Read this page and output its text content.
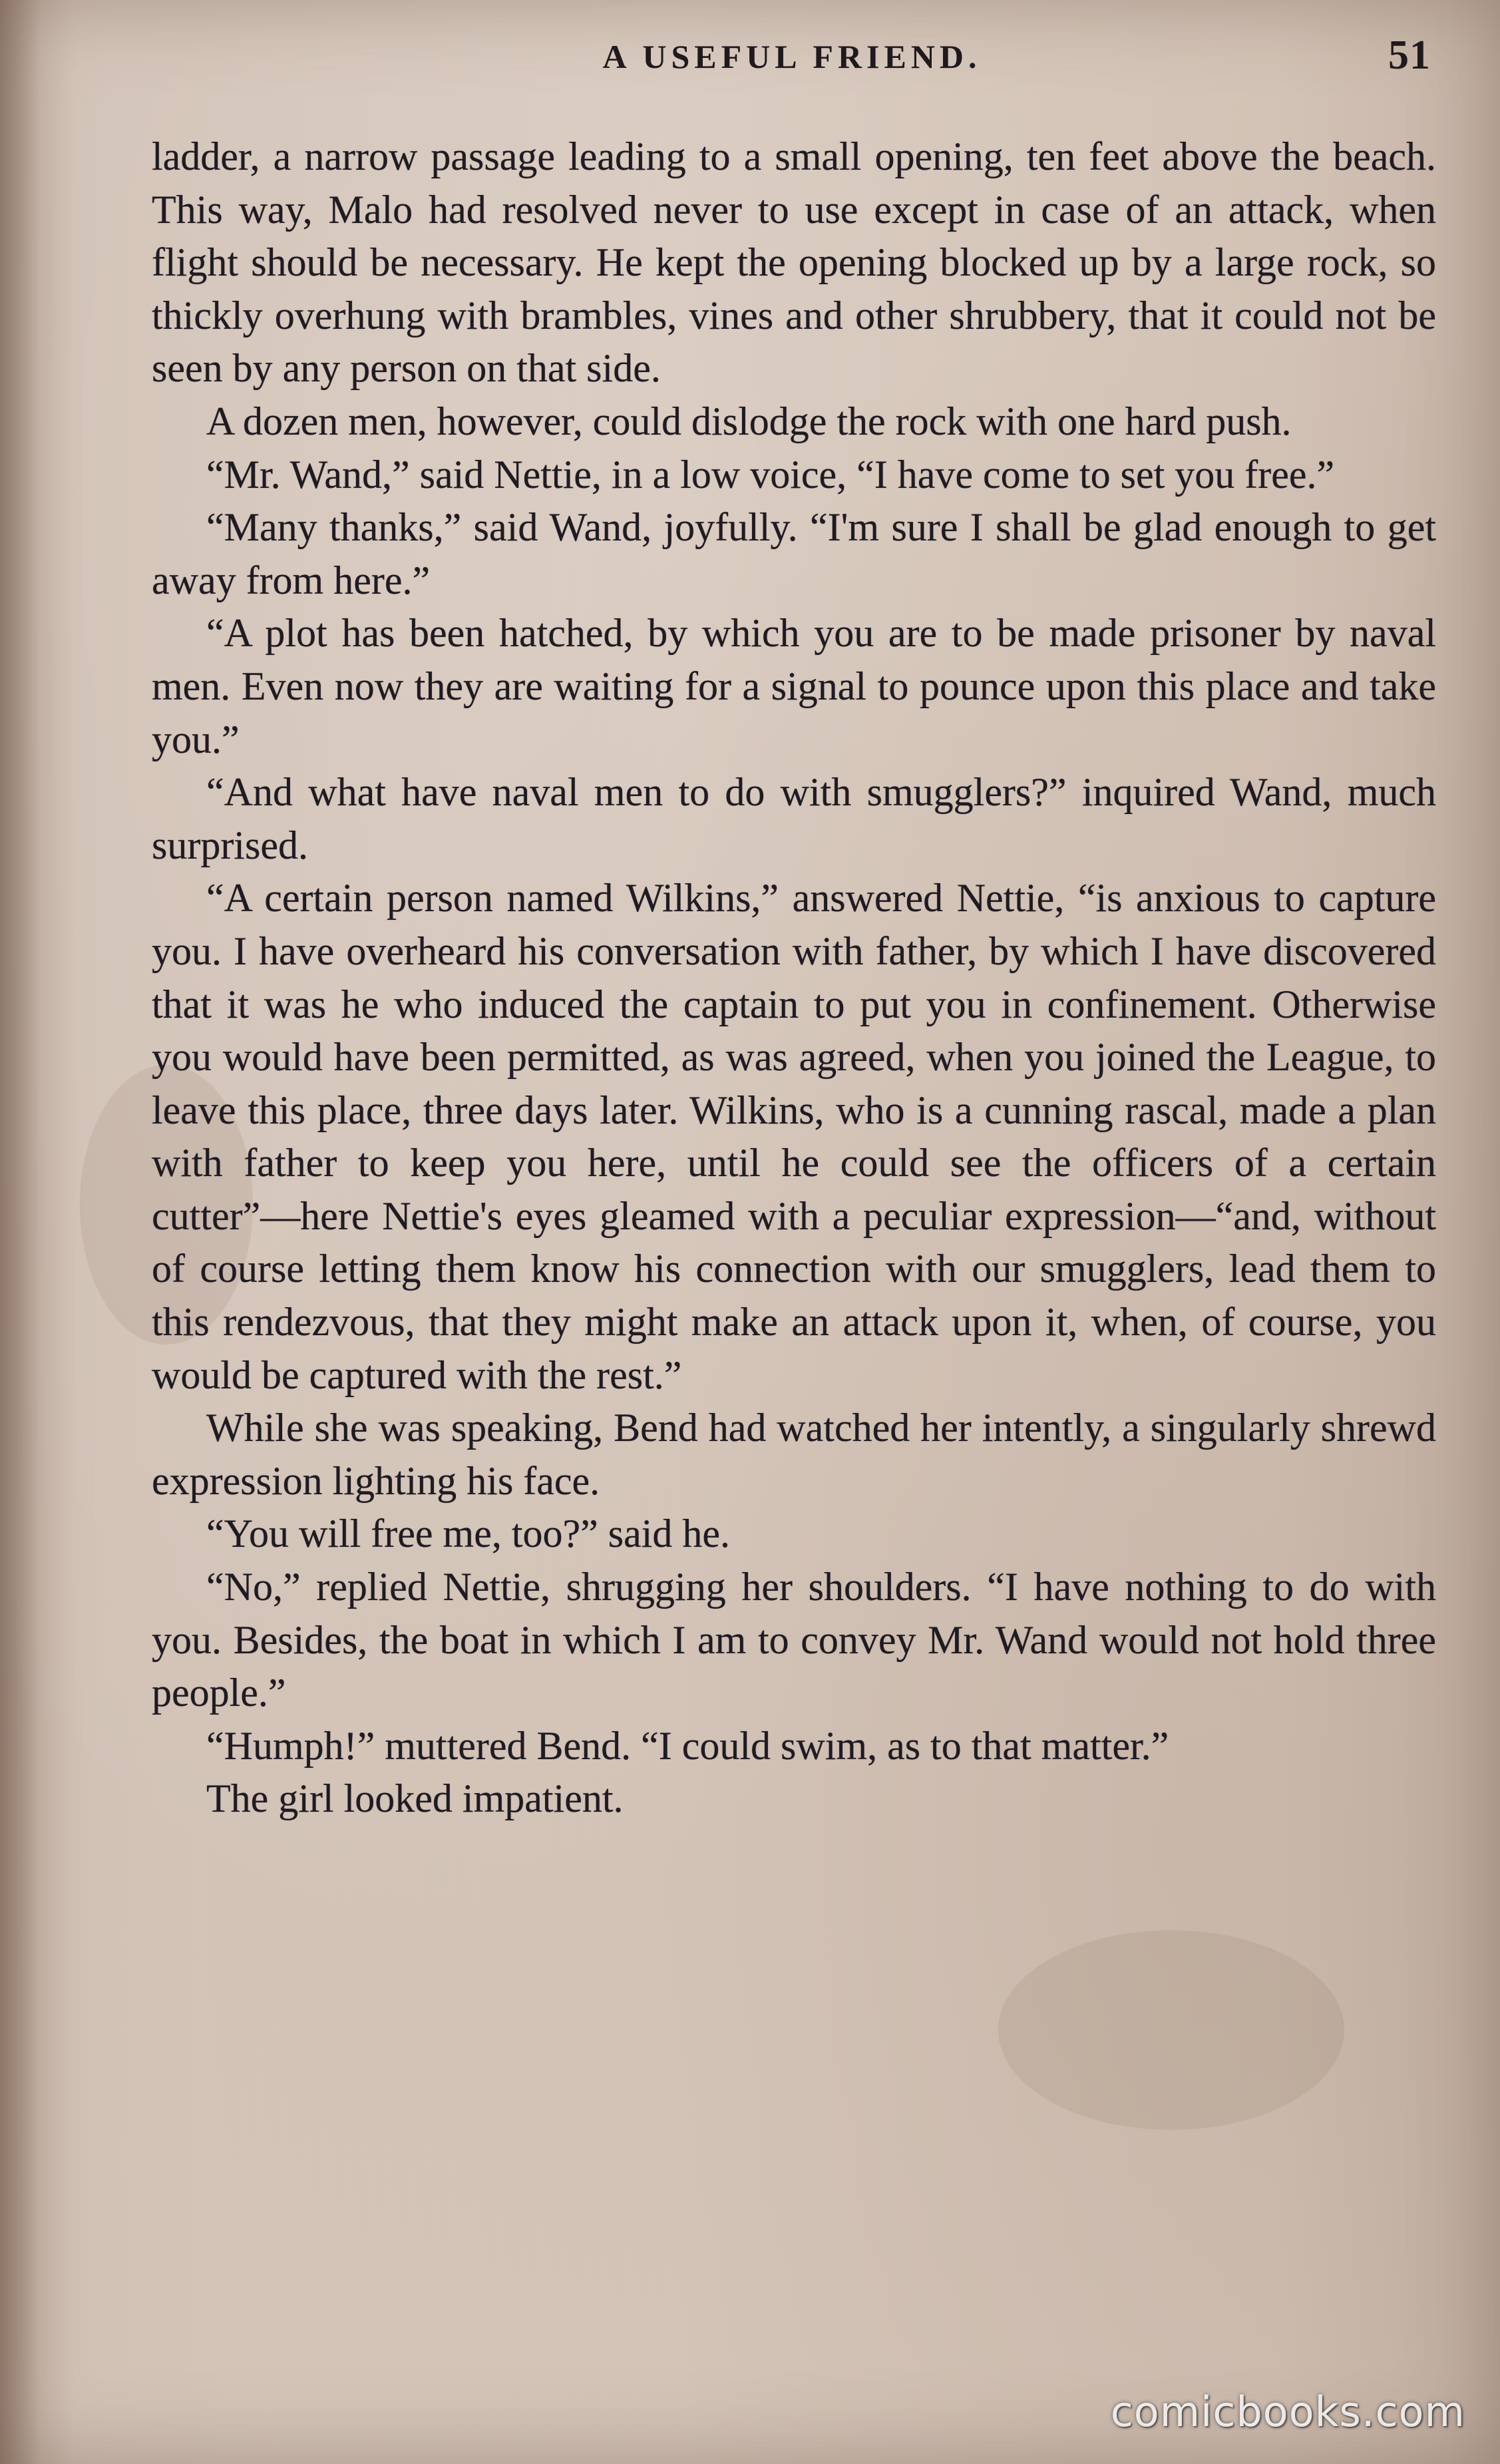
A USEFUL FRIEND.	51

ladder, a narrow passage leading to a small opening, ten feet above the beach. This way, Malo had resolved never to use except in case of an attack, when flight should be necessary. He kept the opening blocked up by a large rock, so thickly overhung with brambles, vines and other shrubbery, that it could not be seen by any person on that side.

A dozen men, however, could dislodge the rock with one hard push.

“Mr. Wand,” said Nettie, in a low voice, “I have come to set you free.”

“Many thanks,” said Wand, joyfully. “I'm sure I shall be glad enough to get away from here.”

“A plot has been hatched, by which you are to be made prisoner by naval men. Even now they are waiting for a signal to pounce upon this place and take you.”

“And what have naval men to do with smugglers?” inquired Wand, much surprised.

“A certain person named Wilkins,” answered Nettie, “is anxious to capture you. I have overheard his conversation with father, by which I have discovered that it was he who induced the captain to put you in confinement. Otherwise you would have been permitted, as was agreed, when you joined the League, to leave this place, three days later. Wilkins, who is a cunning rascal, made a plan with father to keep you here, until he could see the officers of a certain cutter”—here Nettie's eyes gleamed with a peculiar expression—“and, without of course letting them know his connection with our smugglers, lead them to this rendezvous, that they might make an attack upon it, when, of course, you would be captured with the rest.”

While she was speaking, Bend had watched her intently, a singularly shrewd expression lighting his face.

“You will free me, too?” said he.

“No,” replied Nettie, shrugging her shoulders. “I have nothing to do with you. Besides, the boat in which I am to convey Mr. Wand would not hold three people.”

“Humph!” muttered Bend. “I could swim, as to that matter.”

The girl looked impatient.

comicbooks.com
